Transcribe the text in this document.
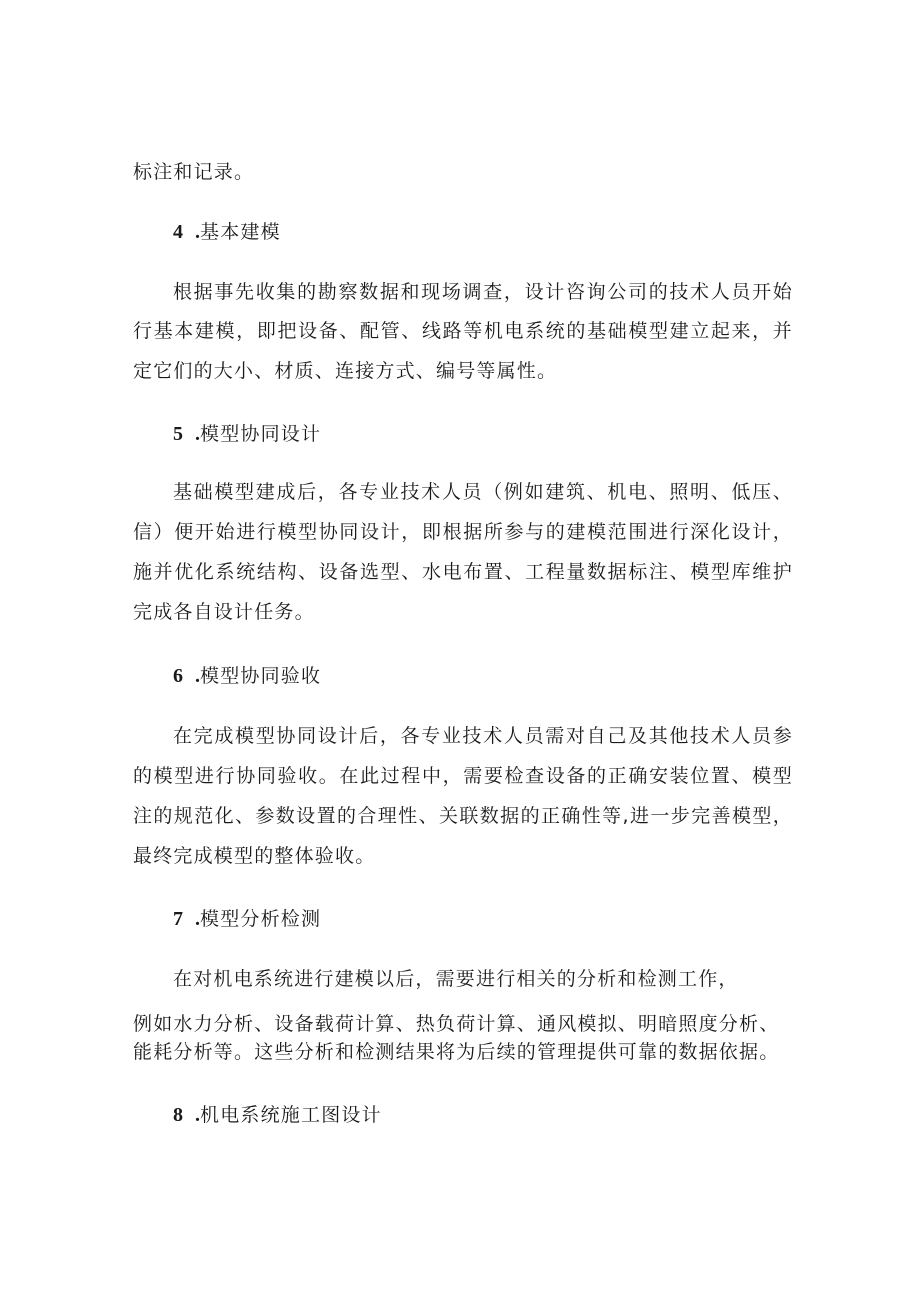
标注和记录。
4 .基本建模
根据事先收集的勘察数据和现场调查，设计咨询公司的技术人员开始
行基本建模，即把设备、配管、线路等机电系统的基础模型建立起来，并
定它们的大小、材质、连接方式、编号等属性。
5 .模型协同设计
基础模型建成后，各专业技术人员（例如建筑、机电、照明、低压、
信）便开始进行模型协同设计，即根据所参与的建模范围进行深化设计，
施并优化系统结构、设备选型、水电布置、工程量数据标注、模型库维护
完成各自设计任务。
6 .模型协同验收
在完成模型协同设计后，各专业技术人员需对自己及其他技术人员参
的模型进行协同验收。在此过程中，需要检查设备的正确安装位置、模型
注的规范化、参数设置的合理性、关联数据的正确性等,进一步完善模型，
最终完成模型的整体验收。
7 .模型分析检测
在对机电系统进行建模以后，需要进行相关的分析和检测工作，
例如水力分析、设备载荷计算、热负荷计算、通风模拟、明暗照度分析、
能耗分析等。这些分析和检测结果将为后续的管理提供可靠的数据依据。
8 .机电系统施工图设计
